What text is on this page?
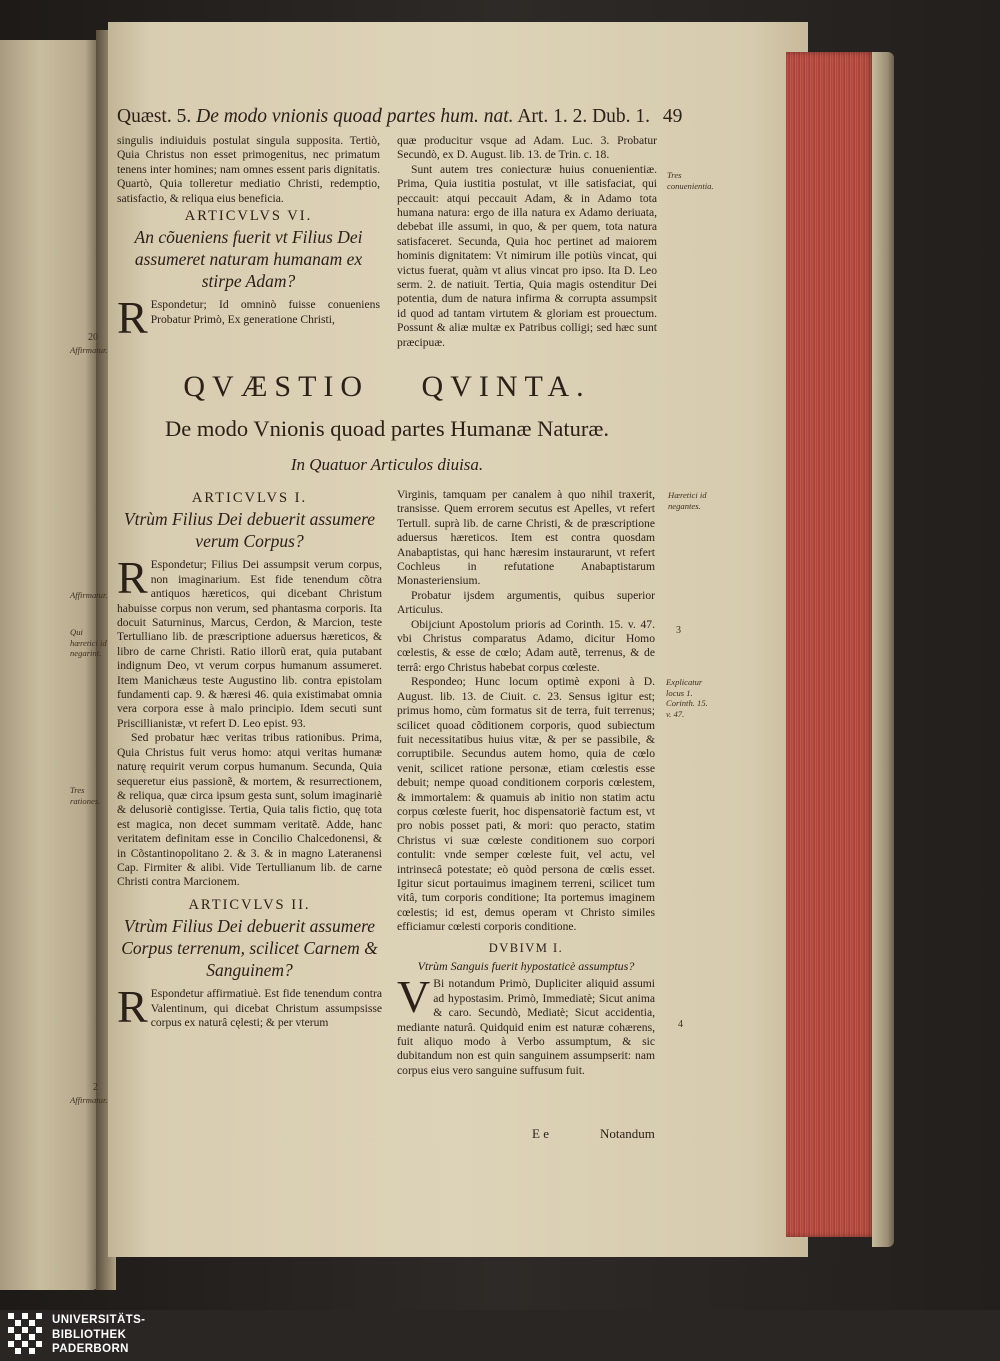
Quæst. 5. De modo vnionis quoad partes hum. nat. Art. 1. 2. Dub. 1. 49

singulis indiuiduis postulat singula supposita. Tertiò, Quia Christus non esset primogenitus, nec primatum tenens inter homines; nam omnes essent paris dignitatis. Quartò, Quia tolleretur mediatio Christi, redemptio, satisfactio, & reliqua eius beneficia.

ARTICVLVS VI.
An cõueniens fuerit vt Filius Dei assumeret naturam humanam ex stirpe Adam?

R Espondetur; Id omninò fuisse conueniens Probatur Primò, Ex generatione Christi,

quæ producitur vsque ad Adam. Luc. 3. Probatur Secundò, ex D. August. lib. 13. de Trin. c. 18.

Sunt autem tres coniecturæ huius conuenientiæ. Prima, Quia iustitia postulat, vt ille satisfaciat, qui peccauit: atqui peccauit Adam, & in Adamo tota humana natura: ergo de illa natura ex Adamo deriuata, debebat ille assumi, in quo, & per quem, tota natura satisfaceret. Secunda, Quia hoc pertinet ad maiorem hominis dignitatem: Vt nimirum ille potiùs vincat, qui victus fuerat, quàm vt alius vincat pro ipso. Ita D. Leo serm. 2. de natiuit. Tertia, Quia magis ostenditur Dei potentia, dum de natura infirma & corrupta assumpsit id quod ad tantam virtutem & gloriam est prouectum. Possunt & aliæ multæ ex Patribus colligi; sed hæc sunt præcipuæ.

QVÆSTIO QVINTA.
De modo Vnionis quoad partes Humanæ Naturæ.
In Quatuor Articulos diuisa.
ARTICVLVS I.
Vtrùm Filius Dei debuerit assumere verum Corpus?

R Espondetur; Filius Dei assumpsit verum corpus, non imaginarium. Est fide tenendum cõtra antiquos hæreticos, qui dicebant Christum habuisse corpus non verum, sed phantasma corporis. Ita docuit Saturninus, Marcus, Cerdon, & Marcion, teste Tertulliano lib. de præscriptione aduersus hæreticos, & libro de carne Christi. Ratio illorũ erat, quia putabant indignum Deo, vt verum corpus humanum assumeret. Item Manichæus teste Augustino lib. contra epistolam fundamenti cap. 9. & hæresi 46. quia existimabat omnia vera corpora esse à malo principio. Idem secuti sunt Priscillianistæ, vt refert D. Leo epist. 93.

Sed probatur hæc veritas tribus rationibus. Prima, Quia Christus fuit verus homo: atqui veritas humanæ naturę requirit verum corpus humanum. Secunda, Quia sequeretur eius passionẽ, & mortem, & resurrectionem, & reliqua, quæ circa ipsum gesta sunt, solum imaginariè & delusoriè contigisse. Tertia, Quia talis fictio, quę tota est magica, non decet summam veritatẽ. Adde, hanc veritatem definitam esse in Concilio Chalcedonensi, & in Cõstantinopolitano 2. & 3. & in magno Lateranensi Cap. Firmiter & alibi. Vide Tertullianum lib. de carne Christi contra Marcionem.

ARTICVLVS II.
Vtrùm Filius Dei debuerit assumere Corpus terrenum, scilicet Carnem & Sanguinem?

R Espondetur affirmatiuè. Est fide tenendum contra Valentinum, qui dicebat Christum assumpsisse corpus ex naturâ cęlesti; & per vterum

Virginis, tamquam per canalem à quo nihil traxerit, transisse. Quem errorem secutus est Apelles, vt refert Tertull. suprà lib. de carne Christi, & de præscriptione aduersus hæreticos. Item est contra quosdam Anabaptistas, qui hanc hæresim instaurarunt, vt refert Cochleus in refutatione Anabaptistarum Monasteriensium.

Probatur ijsdem argumentis, quibus superior Articulus.

Obijciunt Apostolum prioris ad Corinth. 15. v. 47. vbi Christus comparatus Adamo, dicitur Homo cœlestis, & esse de cœlo; Adam autẽ, terrenus, & de terrâ: ergo Christus habebat corpus cœleste.

Respondeo; Hunc locum optimè exponi à D. August. lib. 13. de Ciuit. c. 23. Sensus igitur est; primus homo, cùm formatus sit de terra, fuit terrenus; scilicet quoad cõditionem corporis, quod subiectum fuit necessitatibus huius vitæ, & per se passibile, & corruptibile. Secundus autem homo, quia de cœlo venit, scilicet ratione personæ, etiam cœlestis esse debuit; nempe quoad conditionem corporis cœlestem, & immortalem: & quamuis ab initio non statim actu corpus cœleste fuerit, hoc dispensatoriè factum est, vt pro nobis posset pati, & mori: quo peracto, statim Christus vi suæ cœleste conditionem suo corpori contulit: vnde semper cœleste fuit, vel actu, vel intrinsecâ potestate; eò quòd persona de cœlis esset. Igitur sicut portauimus imaginem terreni, scilicet tum vitâ, tum corporis conditione; Ita portemus imaginem cœlestis; id est, demus operam vt Christo similes efficiamur cœlesti corporis conditione.

DVBIVM I.
Vtrùm Sanguis fuerit hypostaticè assumptus?

V Bi notandum Primò, Dupliciter aliquid assumi ad hypostasim. Primò, Immediatè; Sicut anima & caro. Secundò, Mediatè; Sicut accidentia, mediante naturâ. Quidquid enim est naturæ cohærens, fuit aliquo modo à Verbo assumptum, & sic dubitandum non est quin sanguinem assumpserit: nam corpus eius vero sanguine suffusum fuit.

20
Affirmatur.
Affirmatur.
Qui hæretici id negarint.
Tres rationes.
2
Affirmatur.
Tres conuenientia.
Hæretici id negantes.
3
Explicatur locus 1. Corinth. 15. v. 47.
4
E e	Notandum
UNIVERSITÄTS-
BIBLIOTHEK
PADERBORN
